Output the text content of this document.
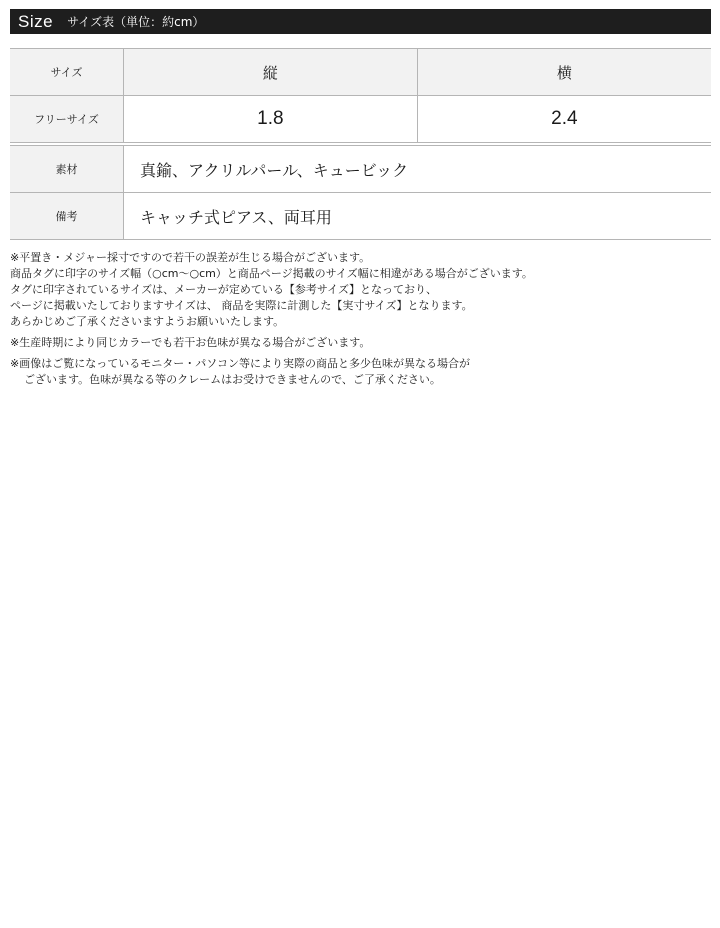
Size サイズ表（単位：約cm）
サイズ	縦	横
フリーサイズ	1.8	2.4

素材	真鍮、アクリルパール、キュービック	
備考	キャッチ式ピアス、両耳用	
※平置き・メジャー採寸ですので若干の誤差が生じる場合がございます。
商品タグに印字のサイズ幅（○cm〜○cm）と商品ページ掲載のサイズ幅に相違がある場合がございます。
タグに印字されているサイズは、メーカーが定めている【参考サイズ】となっており、
ページに掲載いたしておりますサイズは、 商品を実際に計測した【実寸サイズ】となります。
あらかじめご了承くださいますようお願いいたします。
※生産時期により同じカラーでも若干お色味が異なる場合がございます。
※画像はご覧になっているモニター・パソコン等により実際の商品と多少色味が異なる場合が
ございます。色味が異なる等のクレームはお受けできませんので、ご了承ください。
